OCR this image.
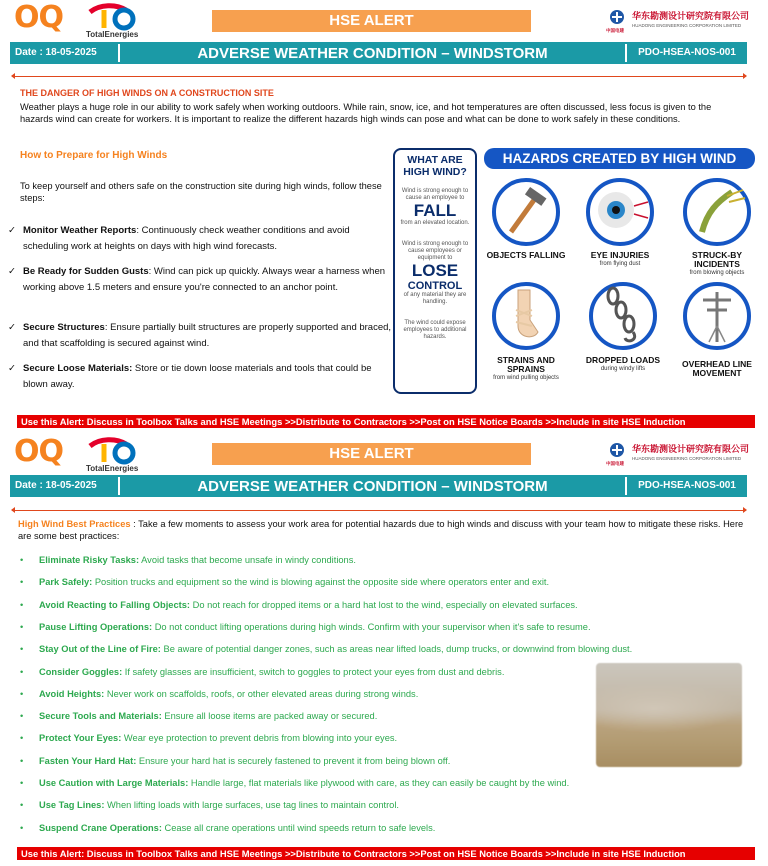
OQ	TotalEnergies
HSE ALERT
中国电建
华东勘测设计研究院有限公司
HUADONG ENGINEERING CORPORATION LIMITED
Date : 18-05-2025	ADVERSE WEATHER CONDITION – WINDSTORM	PDO-HSEA-NOS-001
THE DANGER OF HIGH WINDS ON A CONSTRUCTION SITE
Weather plays a huge role in our ability to work safely when working outdoors. While rain, snow, ice, and hot temperatures are often discussed, less focus is given to the hazards wind can create for workers. It is important to realize the different hazards high winds can pose and what can be done to work safely in these conditions.
How to Prepare for High Winds
To keep yourself and others safe on the construction site during high winds, follow these steps:
✓ Monitor Weather Reports: Continuously check weather conditions and avoid scheduling work at heights on days with high wind forecasts.
✓ Be Ready for Sudden Gusts: Wind can pick up quickly. Always wear a harness when working above 1.5 meters and ensure you're connected to an anchor point.
✓ Secure Structures: Ensure partially built structures are properly supported and braced, and that scaffolding is secured against wind.
✓ Secure Loose Materials: Store or tie down loose materials and tools that could be blown away.
WHAT ARE HIGH WIND?
Wind is strong enough to cause an employee to
FALL
from an elevated location.
Wind is strong enough to cause employees or equipment to
LOSE
CONTROL
of any material they are handling.
The wind could expose employees to additional hazards.
HAZARDS CREATED BY HIGH WIND
OBJECTS FALLING	EYE INJURIES
from flying dust
STRUCK-BY INCIDENTS
from blowing objects
STRAINS AND SPRAINS
from wind pulling objects
DROPPED LOADS
during windy lifts	OVERHEAD LINE MOVEMENT
Use this Alert: Discuss in Toolbox Talks and HSE Meetings >>Distribute to Contractors >>Post on HSE Notice Boards >>Include in site HSE Induction
OQ	TotalEnergies
HSE ALERT
中国电建
华东勘测设计研究院有限公司
HUADONG ENGINEERING CORPORATION LIMITED
Date : 18-05-2025	ADVERSE WEATHER CONDITION – WINDSTORM	PDO-HSEA-NOS-001
High Wind Best Practices : Take a few moments to assess your work area for potential hazards due to high winds and discuss with your team how to mitigate these risks. Here are some best practices:
• Eliminate Risky Tasks: Avoid tasks that become unsafe in windy conditions.
• Park Safely: Position trucks and equipment so the wind is blowing against the opposite side where operators enter and exit.
• Avoid Reacting to Falling Objects: Do not reach for dropped items or a hard hat lost to the wind, especially on elevated surfaces.
• Pause Lifting Operations: Do not conduct lifting operations during high winds. Confirm with your supervisor when it's safe to resume.
• Stay Out of the Line of Fire: Be aware of potential danger zones, such as areas near lifted loads, dump trucks, or downwind from blowing dust.
• Consider Goggles: If safety glasses are insufficient, switch to goggles to protect your eyes from dust and debris.
• Avoid Heights: Never work on scaffolds, roofs, or other elevated areas during strong winds.
• Secure Tools and Materials: Ensure all loose items are packed away or secured.
• Protect Your Eyes: Wear eye protection to prevent debris from blowing into your eyes.
• Fasten Your Hard Hat: Ensure your hard hat is securely fastened to prevent it from being blown off.
• Use Caution with Large Materials: Handle large, flat materials like plywood with care, as they can easily be caught by the wind.
• Use Tag Lines: When lifting loads with large surfaces, use tag lines to maintain control.
• Suspend Crane Operations: Cease all crane operations until wind speeds return to safe levels.
Use this Alert: Discuss in Toolbox Talks and HSE Meetings >>Distribute to Contractors >>Post on HSE Notice Boards >>Include in site HSE Induction
